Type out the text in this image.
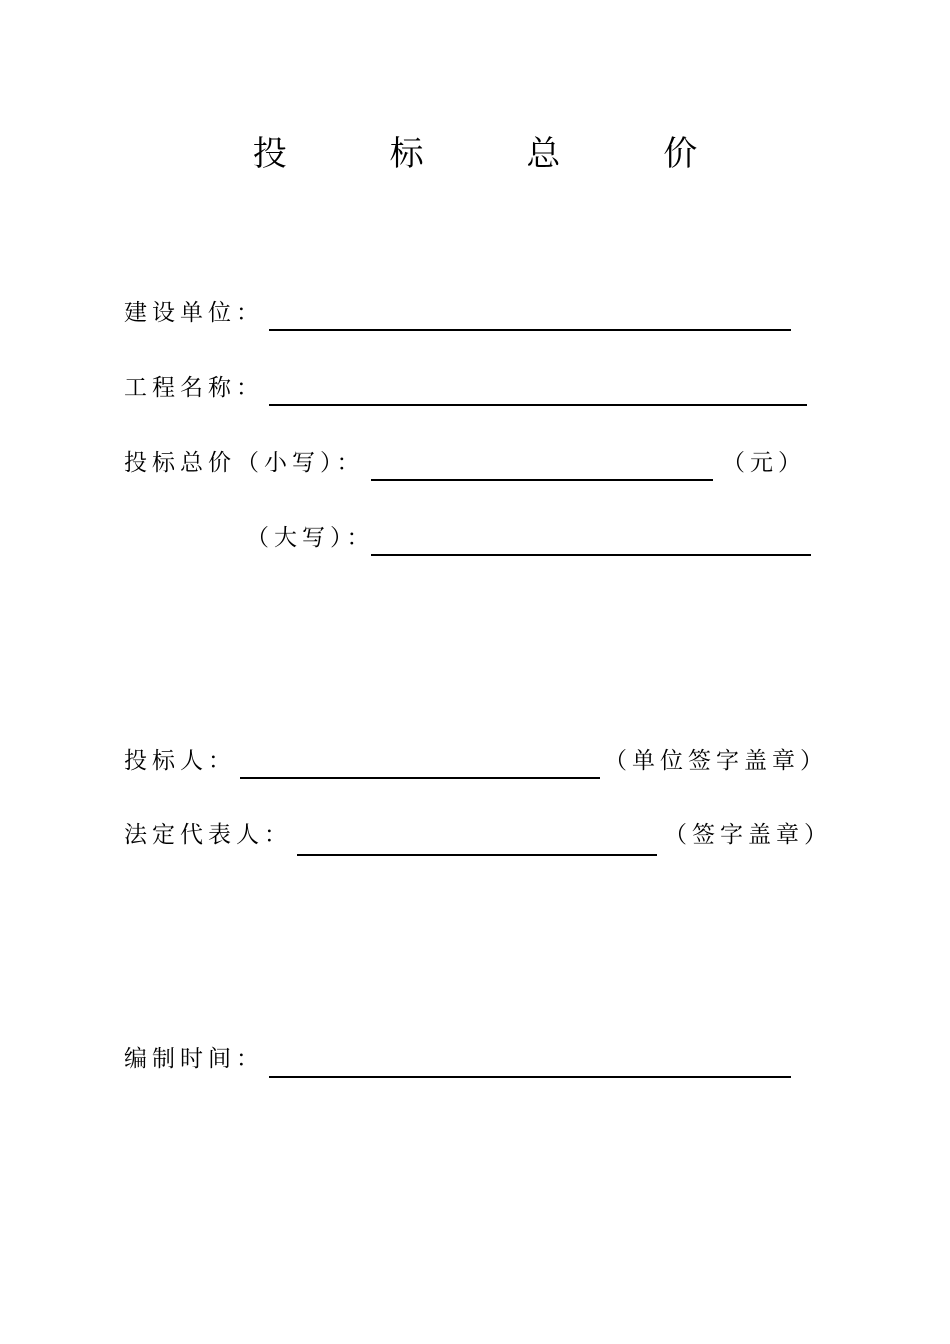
投 标 总 价
建设单位：
工程名称：
投标总价（小写）：	（元）
（大写）：
投标人：	（单位签字盖章）
法定代表人：	（签字盖章）
编制时间：
